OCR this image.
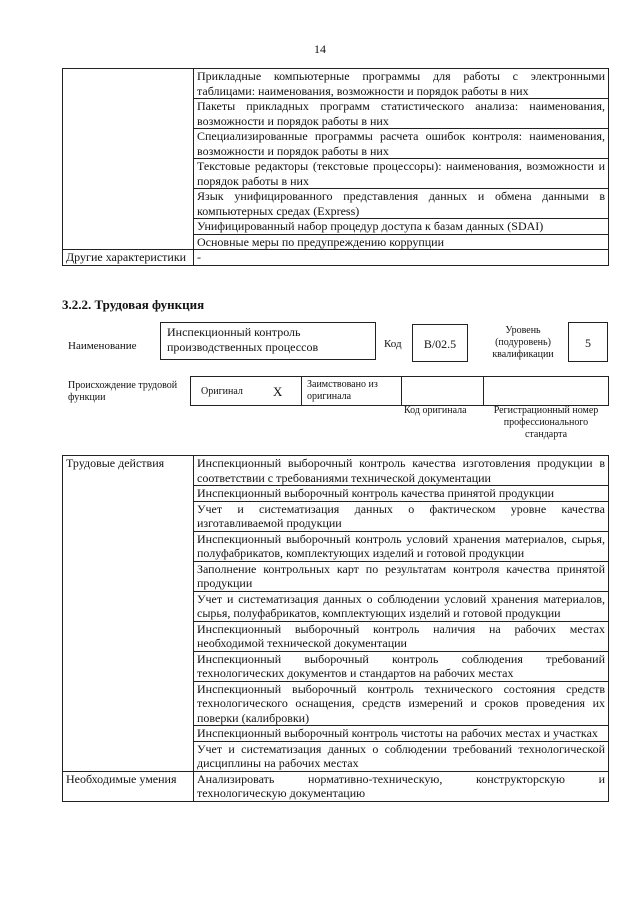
14
	Прикладные компьютерные программы для работы с электронными таблицами: наименования, возможности и порядок работы в них
	Пакеты прикладных программ статистического анализа: наименования, возможности и порядок работы в них
	Специализированные программы расчета ошибок контроля: наименования, возможности и порядок работы в них
	Текстовые редакторы (текстовые процессоры): наименования, возможности и порядок работы в них
	Язык унифицированного представления данных и обмена данными в компьютерных средах (Express)
	Унифицированный набор процедур доступа к базам данных (SDAI)
	Основные меры по предупреждению коррупции
Другие характеристики	-
3.2.2. Трудовая функция
Наименование
Инспекционный контроль производственных процессов	Код	B/02.5
Уровень (подуровень) квалификации
5
Происхождение трудовой функции
Оригинал X Заимствовано из оригинала
Код оригинала	Регистрационный номер профессионального стандарта
Трудовые действия	Инспекционный выборочный контроль качества изготовления продукции в соответствии с требованиями технической документации
	Инспекционный выборочный контроль качества принятой продукции
	Учет и систематизация данных о фактическом уровне качества изготавливаемой продукции
	Инспекционный выборочный контроль условий хранения материалов, сырья, полуфабрикатов, комплектующих изделий и готовой продукции
	Заполнение контрольных карт по результатам контроля качества принятой продукции
	Учет и систематизация данных о соблюдении условий хранения материалов, сырья, полуфабрикатов, комплектующих изделий и готовой продукции
	Инспекционный выборочный контроль наличия на рабочих местах необходимой технической документации
	Инспекционный выборочный контроль соблюдения требований технологических документов и стандартов на рабочих местах
	Инспекционный выборочный контроль технического состояния средств технологического оснащения, средств измерений и сроков проведения их поверки (калибровки)
	Инспекционный выборочный контроль чистоты на рабочих местах и участках
	Учет и систематизация данных о соблюдении требований технологической дисциплины на рабочих местах
Необходимые умения	Анализировать нормативно-техническую, конструкторскую и технологическую документацию
